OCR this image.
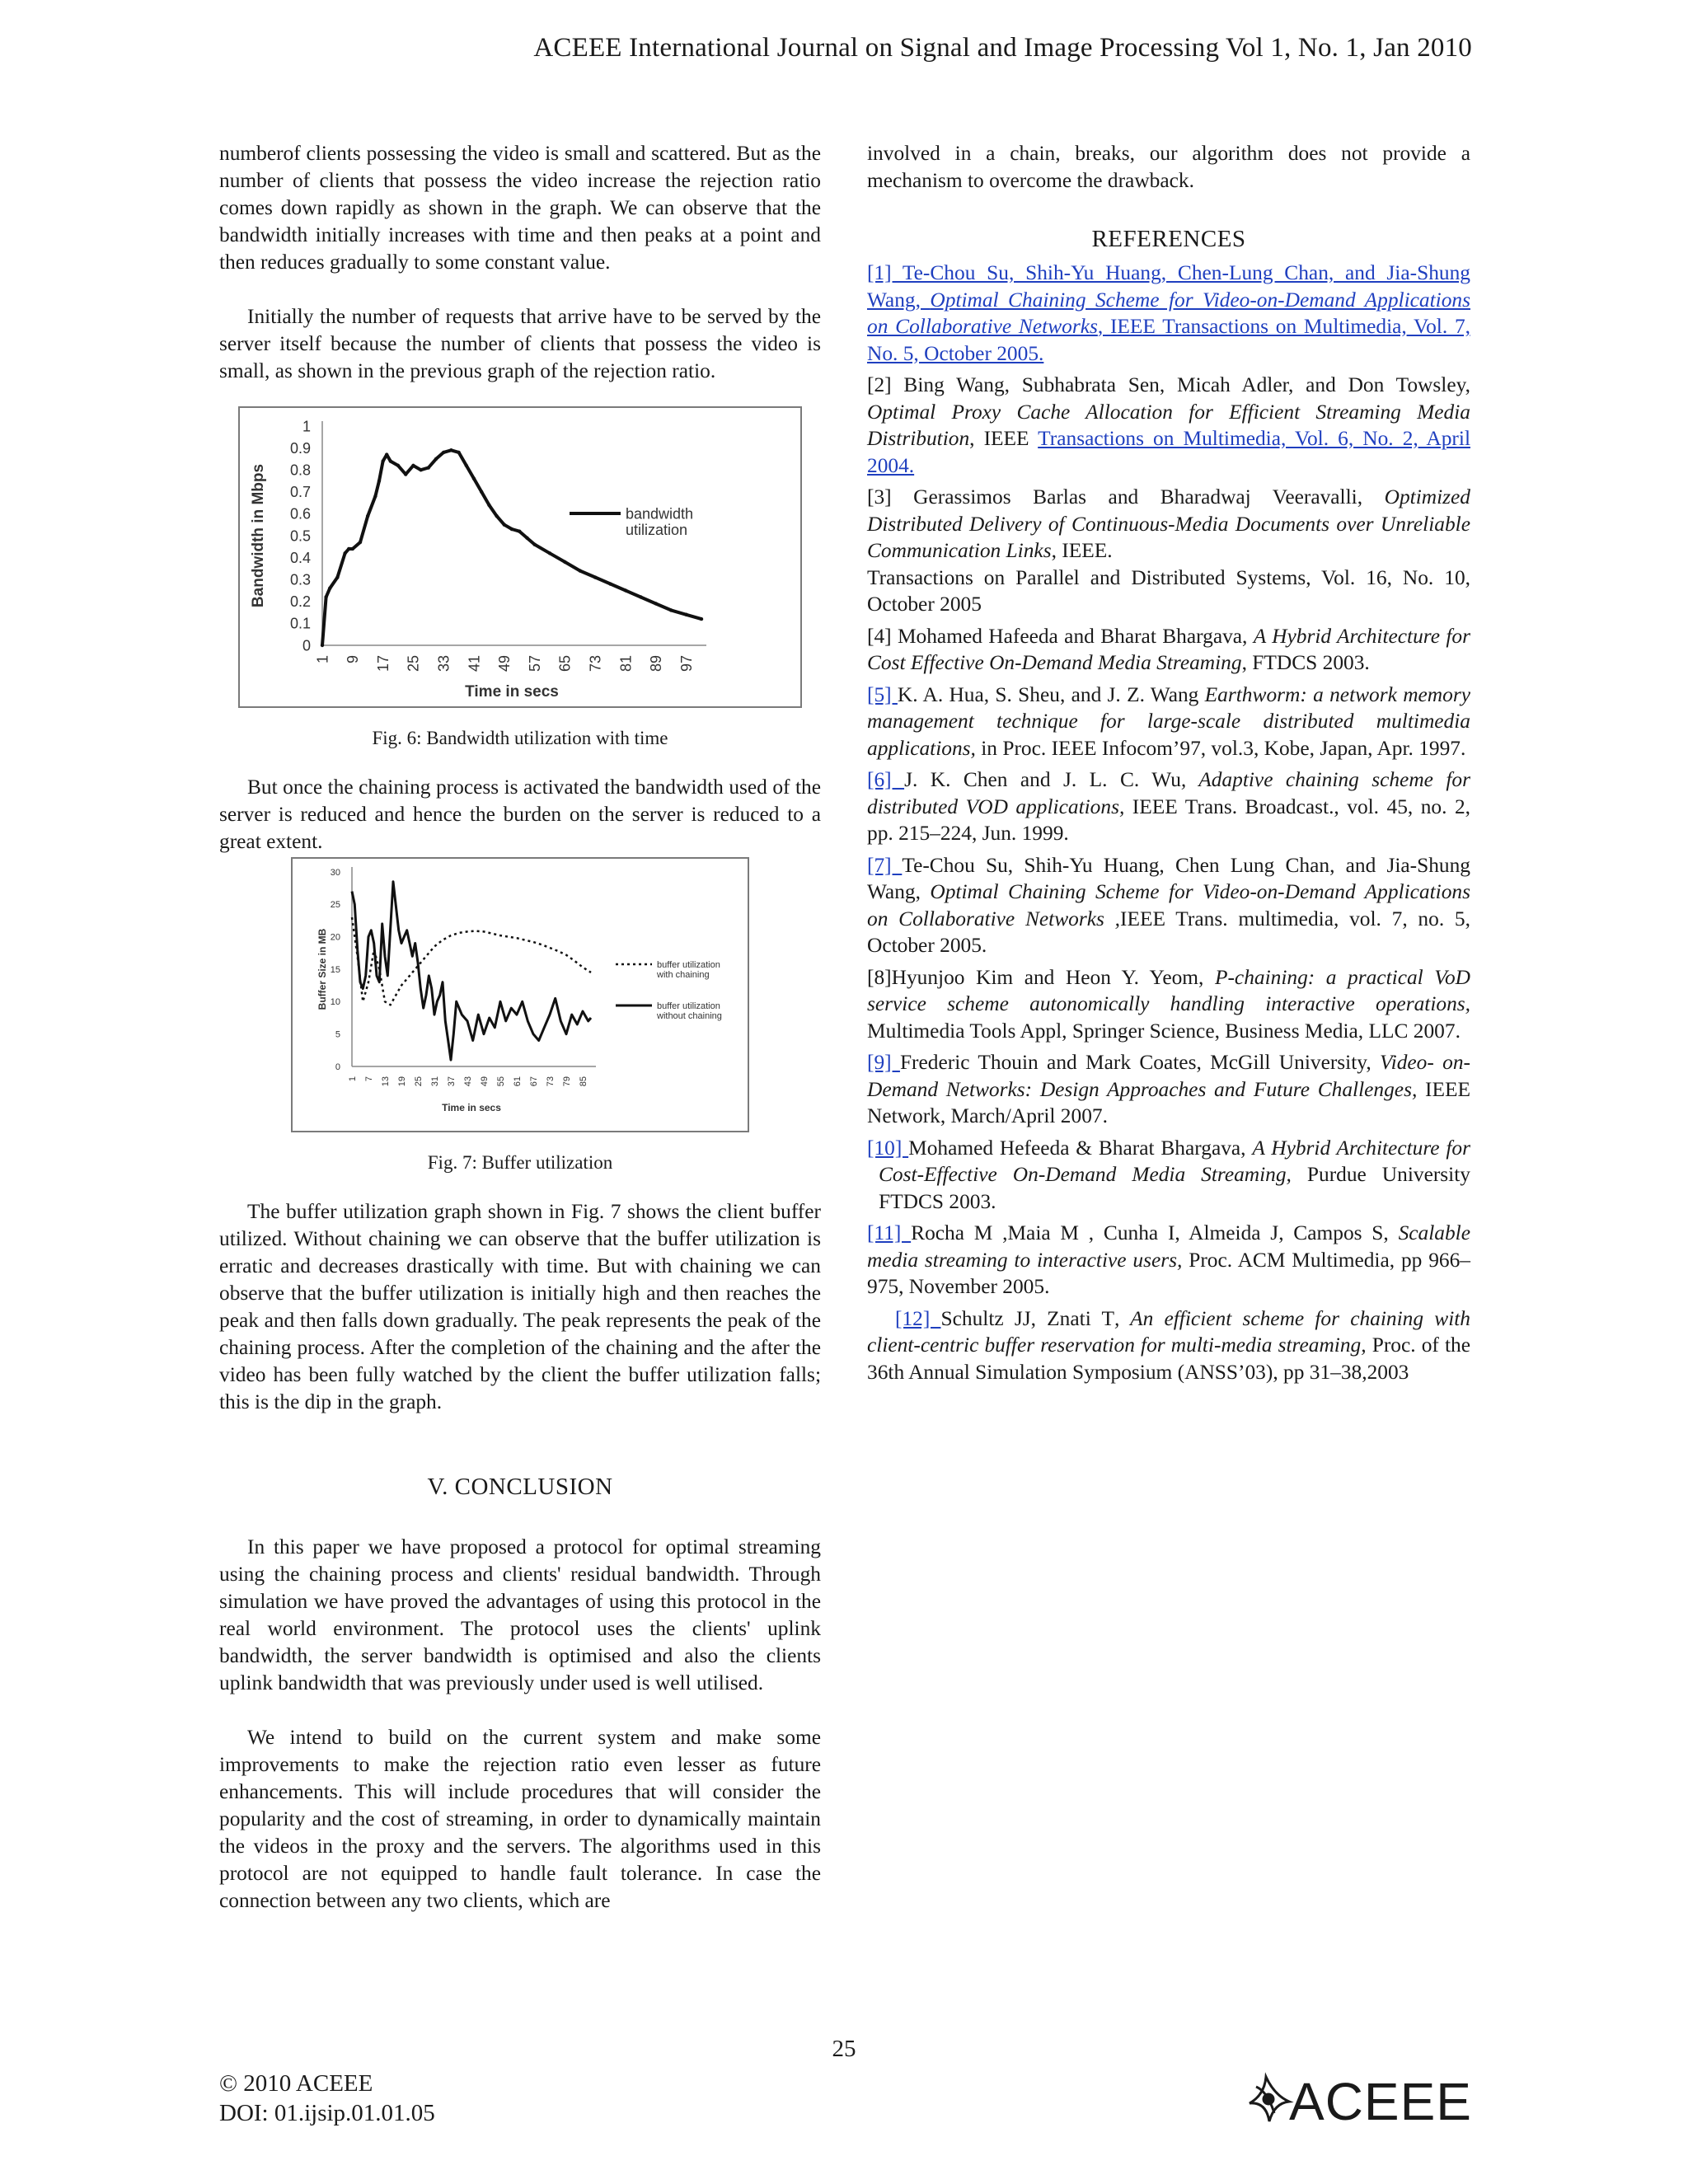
ACEEE International Journal on Signal and Image Processing Vol 1, No. 1, Jan 2010

numberof clients possessing the video is small and scattered. But as the number of clients that possess the video increase the rejection ratio comes down rapidly as shown in the graph. We can observe that the bandwidth initially increases with time and then peaks at a point and then reduces gradually to some constant value.

Initially the number of requests that arrive have to be served by the server itself because the number of clients that possess the video is small, as shown in the previous graph of the rejection ratio.

1
0.9
0.8
0.7
0.6
0.5
0.4
0.3
0.2
0.1
0
1 9 17 25 33 41 49 57 65 73 81 89 97
Time in secs
Bandwidth in Mbps	bandwidth
utilization
Fig. 6: Bandwidth utilization with time

But once the chaining process is activated the bandwidth used of the server is reduced and hence the burden on the server is reduced to a great extent.

30
25
20
15
10
5
0
1 7 13 19 25 31 37 43 49 55 61 67 73 79 85
Time in secs
Buffer Size in MB	buffer utilization
with chaining
buffer utilization
without chaining
Fig. 7: Buffer utilization

The buffer utilization graph shown in Fig. 7 shows the client buffer utilized. Without chaining we can observe that the buffer utilization is erratic and decreases drastically with time. But with chaining we can observe that the buffer utilization is initially high and then reaches the peak and then falls down gradually. The peak represents the peak of the chaining process. After the completion of the chaining and the after the video has been fully watched by the client the buffer utilization falls; this is the dip in the graph.

V. CONCLUSION

In this paper we have proposed a protocol for optimal streaming using the chaining process and clients' residual bandwidth. Through simulation we have proved the advantages of using this protocol in the real world environment. The protocol uses the clients' uplink bandwidth, the server bandwidth is optimised and also the clients uplink bandwidth that was previously under used is well utilised.

We intend to build on the current system and make some improvements to make the rejection ratio even lesser as future enhancements. This will include procedures that will consider the popularity and the cost of streaming, in order to dynamically maintain the videos in the proxy and the servers. The algorithms used in this protocol are not equipped to handle fault tolerance. In case the connection between any two clients, which are

involved in a chain, breaks, our algorithm does not provide a mechanism to overcome the drawback.

REFERENCES

[1] Te-Chou Su, Shih-Yu Huang, Chen-Lung Chan, and Jia-Shung Wang, Optimal Chaining Scheme for Video-on-Demand Applications on Collaborative Networks, IEEE Transactions on Multimedia, Vol. 7, No. 5, October 2005.

[2] Bing Wang, Subhabrata Sen, Micah Adler, and Don Towsley, Optimal Proxy Cache Allocation for Efficient Streaming Media Distribution, IEEE Transactions on Multimedia, Vol. 6, No. 2, April 2004.

[3] Gerassimos Barlas and Bharadwaj Veeravalli, Optimized Distributed Delivery of Continuous-Media Documents over Unreliable Communication Links, IEEE.

Transactions on Parallel and Distributed Systems, Vol. 16, No. 10, October 2005

[4] Mohamed Hafeeda and Bharat Bhargava, A Hybrid Architecture for Cost Effective On-Demand Media Streaming, FTDCS 2003.

[5] K. A. Hua, S. Sheu, and J. Z. Wang Earthworm: a network memory management technique for large-scale distributed multimedia applications, in Proc. IEEE Infocom’97, vol.3, Kobe, Japan, Apr. 1997.

[6] J. K. Chen and J. L. C. Wu, Adaptive chaining scheme for distributed VOD applications, IEEE Trans. Broadcast., vol. 45, no. 2, pp. 215–224, Jun. 1999.

[7] Te-Chou Su, Shih-Yu Huang, Chen Lung Chan, and Jia-Shung Wang, Optimal Chaining Scheme for Video-on-Demand Applications on Collaborative Networks ,IEEE Trans. multimedia, vol. 7, no. 5, October 2005.

[8]Hyunjoo Kim and Heon Y. Yeom, P-chaining: a practical VoD service scheme autonomically handling interactive operations, Multimedia Tools Appl, Springer Science, Business Media, LLC 2007.

[9] Frederic Thouin and Mark Coates, McGill University, Video- on- Demand Networks: Design Approaches and Future Challenges, IEEE Network, March/April 2007.

[10] Mohamed Hefeeda & Bharat Bhargava, A Hybrid Architecture for Cost-Effective On-Demand Media Streaming, Purdue University FTDCS 2003.

[11] Rocha M ,Maia M , Cunha I, Almeida J, Campos S, Scalable media streaming to interactive users, Proc. ACM Multimedia, pp 966–975, November 2005.

[12] Schultz JJ, Znati T, An efficient scheme for chaining with client-centric buffer reservation for multi-media streaming, Proc. of the 36th Annual Simulation Symposium (ANSS’03), pp 31–38,2003

25
© 2010 ACEEE
DOI: 01.ijsip.01.01.05	ACEEE
